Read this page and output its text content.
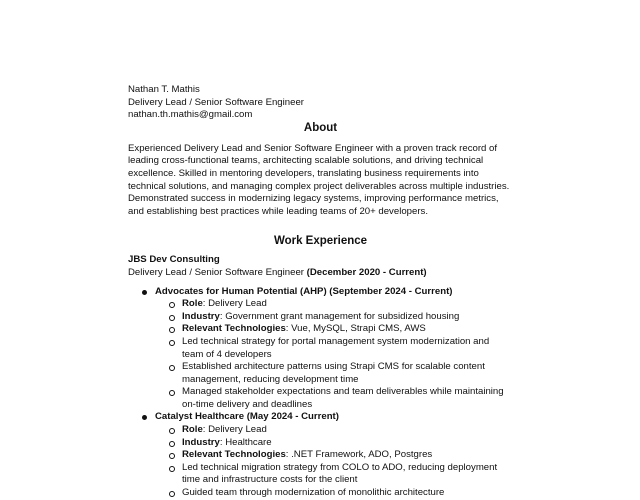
Nathan T. Mathis
Delivery Lead / Senior Software Engineer
nathan.th.mathis@gmail.com
About

Experienced Delivery Lead and Senior Software Engineer with a proven track record of leading cross-functional teams, architecting scalable solutions, and driving technical excellence. Skilled in mentoring developers, translating business requirements into technical solutions, and managing complex project deliverables across multiple industries. Demonstrated success in modernizing legacy systems, improving performance metrics, and establishing best practices while leading teams of 20+ developers.

Work Experience
JBS Dev Consulting
Delivery Lead / Senior Software Engineer (December 2020 - Current)
Advocates for Human Potential (AHP) (September 2024 - Current)
Role: Delivery Lead
Industry: Government grant management for subsidized housing
Relevant Technologies: Vue, MySQL, Strapi CMS, AWS
Led technical strategy for portal management system modernization and team of 4 developers
Established architecture patterns using Strapi CMS for scalable content management, reducing development time
Managed stakeholder expectations and team deliverables while maintaining on-time delivery and deadlines
Catalyst Healthcare (May 2024 - Current)
Role: Delivery Lead
Industry: Healthcare
Relevant Technologies: .NET Framework, ADO, Postgres
Led technical migration strategy from COLO to ADO, reducing deployment time and infrastructure costs for the client
Guided team through modernization of monolithic architecture
